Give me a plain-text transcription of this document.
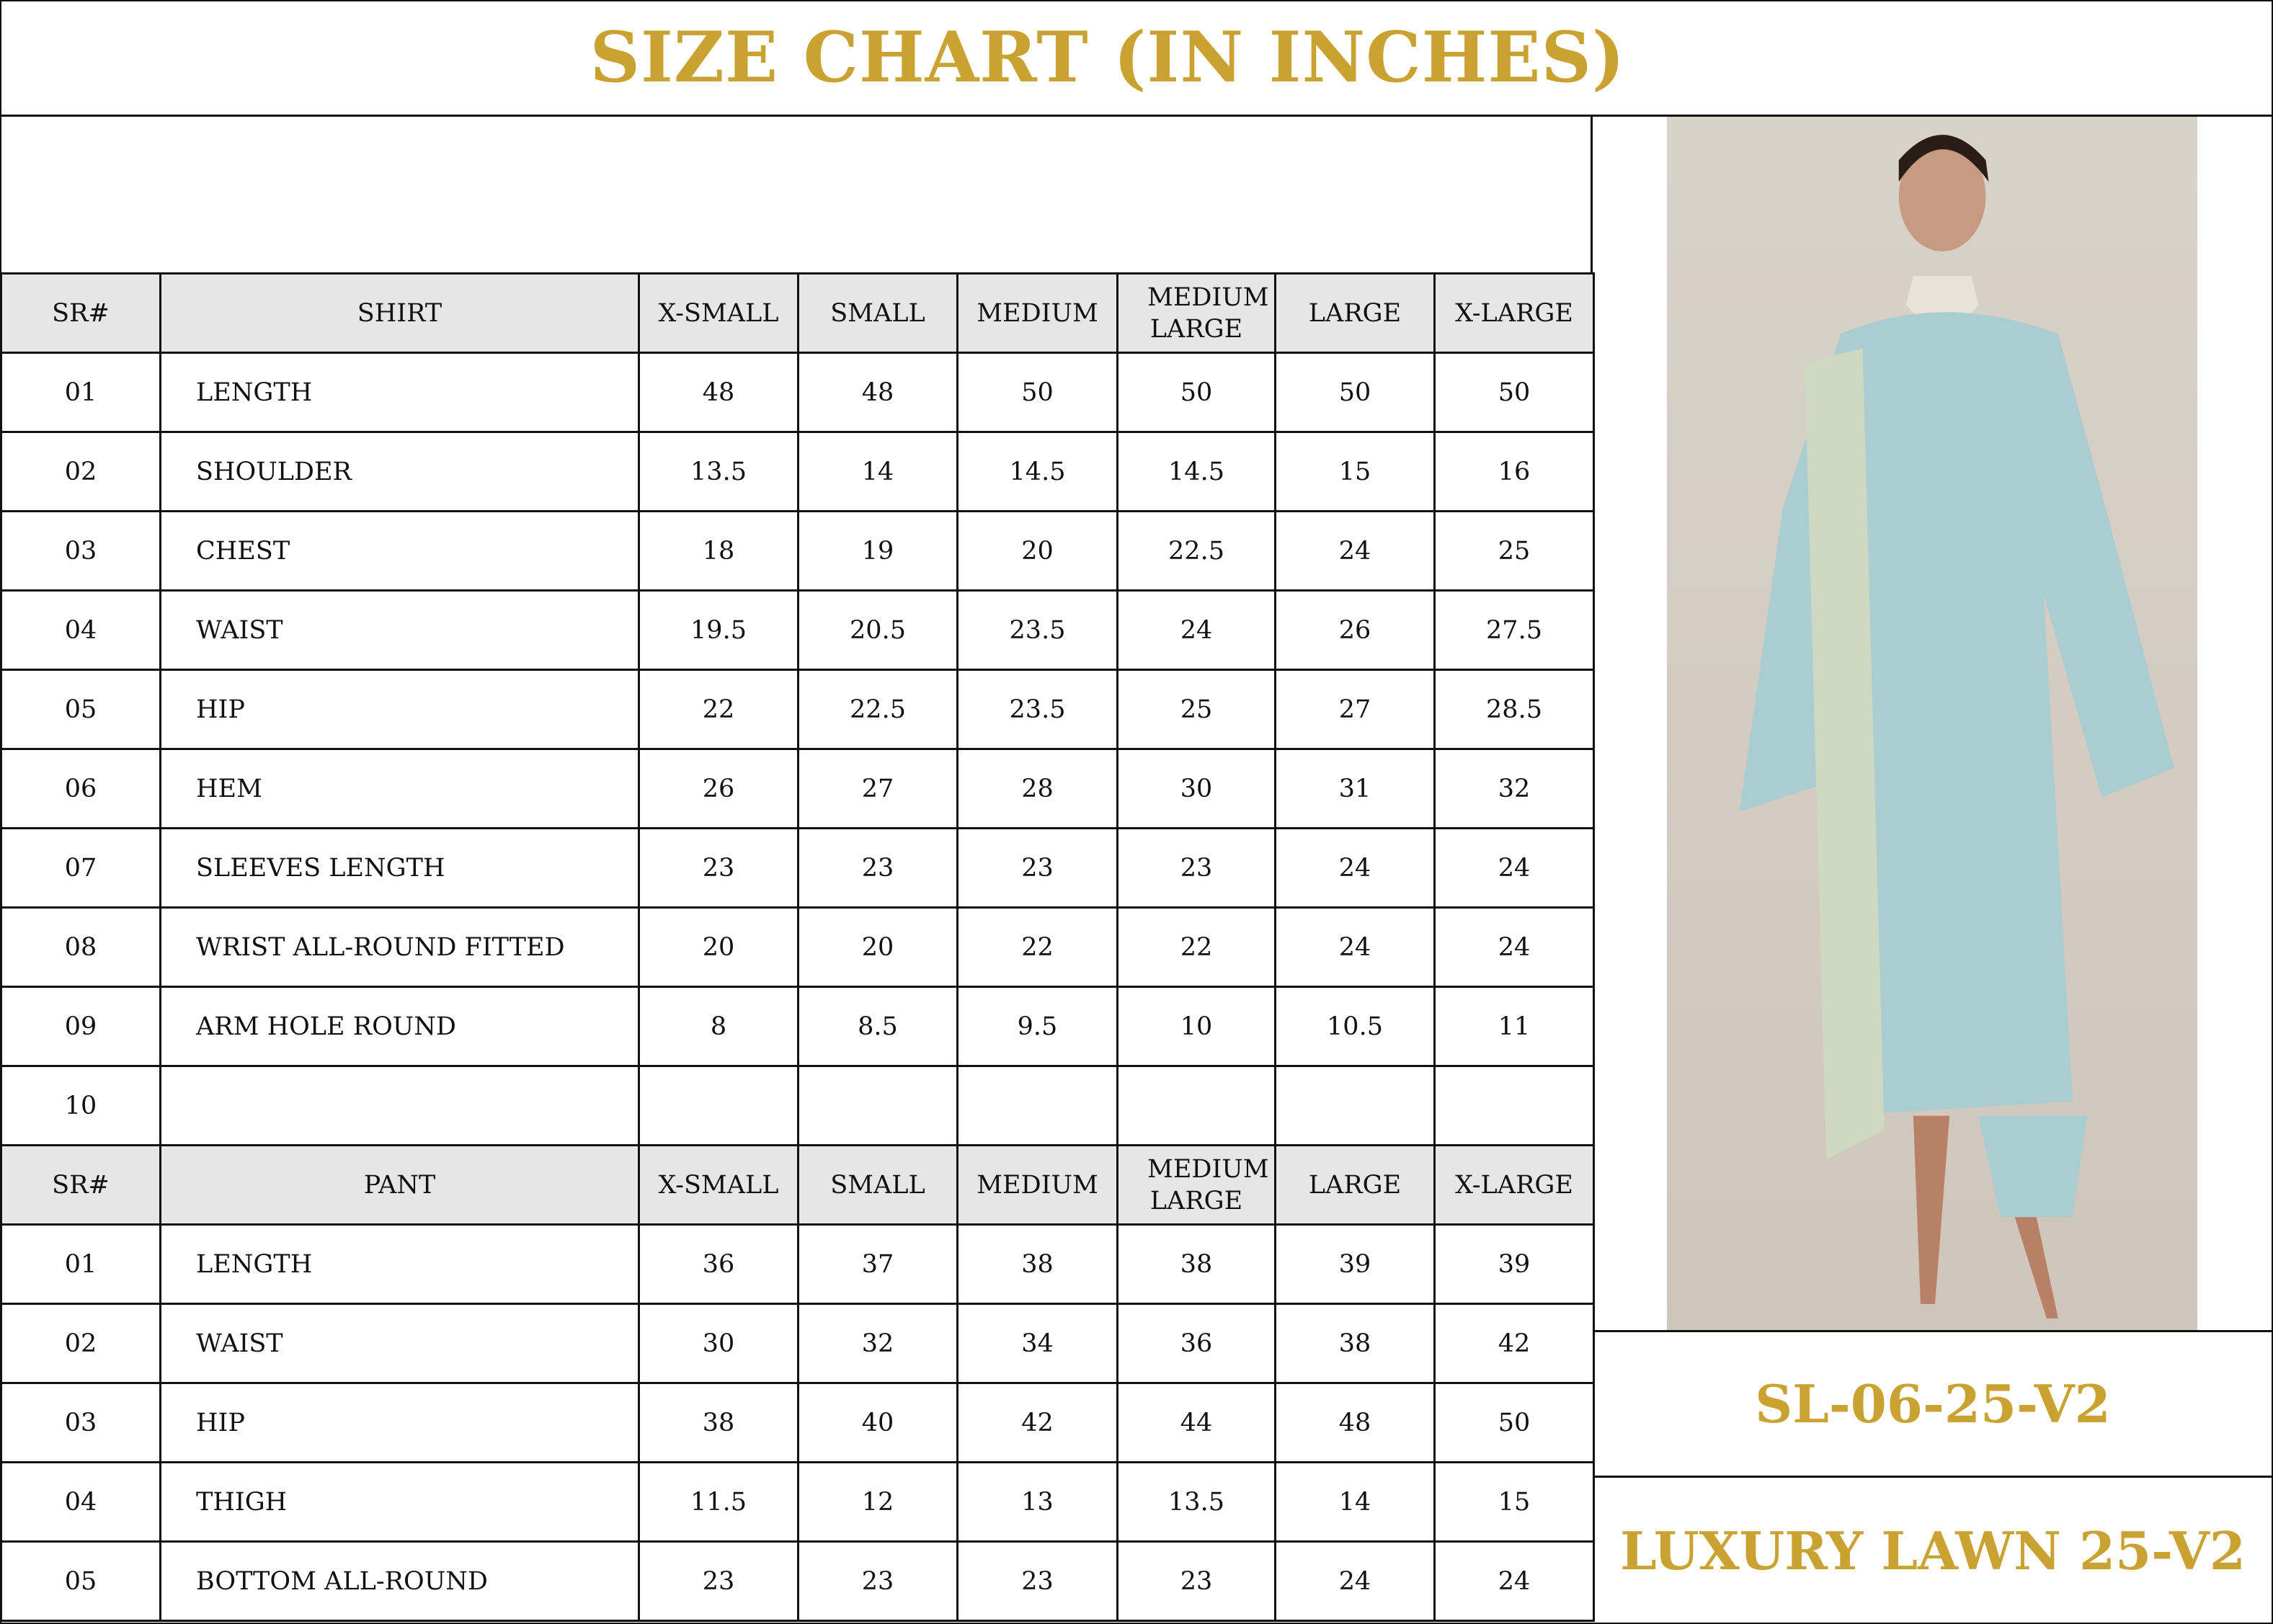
SIZE CHART (IN INCHES)
SR#	SHIRT	X-SMALL	SMALL	MEDIUM	MEDIUM LARGE	LARGE	X-LARGE
01	LENGTH	48	48	50	50	50	50
02	SHOULDER	13.5	14	14.5	14.5	15	16
03	CHEST	18	19	20	22.5	24	25
04	WAIST	19.5	20.5	23.5	24	26	27.5
05	HIP	22	22.5	23.5	25	27	28.5
06	HEM	26	27	28	30	31	32
07	SLEEVES LENGTH	23	23	23	23	24	24
08	WRIST ALL-ROUND FITTED	20	20	22	22	24	24
09	ARM HOLE ROUND	8	8.5	9.5	10	10.5	11
10							
SR#	PANT	X-SMALL	SMALL	MEDIUM	MEDIUM LARGE	LARGE	X-LARGE
01	LENGTH	36	37	38	38	39	39
02	WAIST	30	32	34	36	38	42
03	HIP	38	40	42	44	48	50
04	THIGH	11.5	12	13	13.5	14	15
05	BOTTOM ALL-ROUND	23	23	23	23	24	24
SL-06-25-V2
LUXURY LAWN 25-V2
